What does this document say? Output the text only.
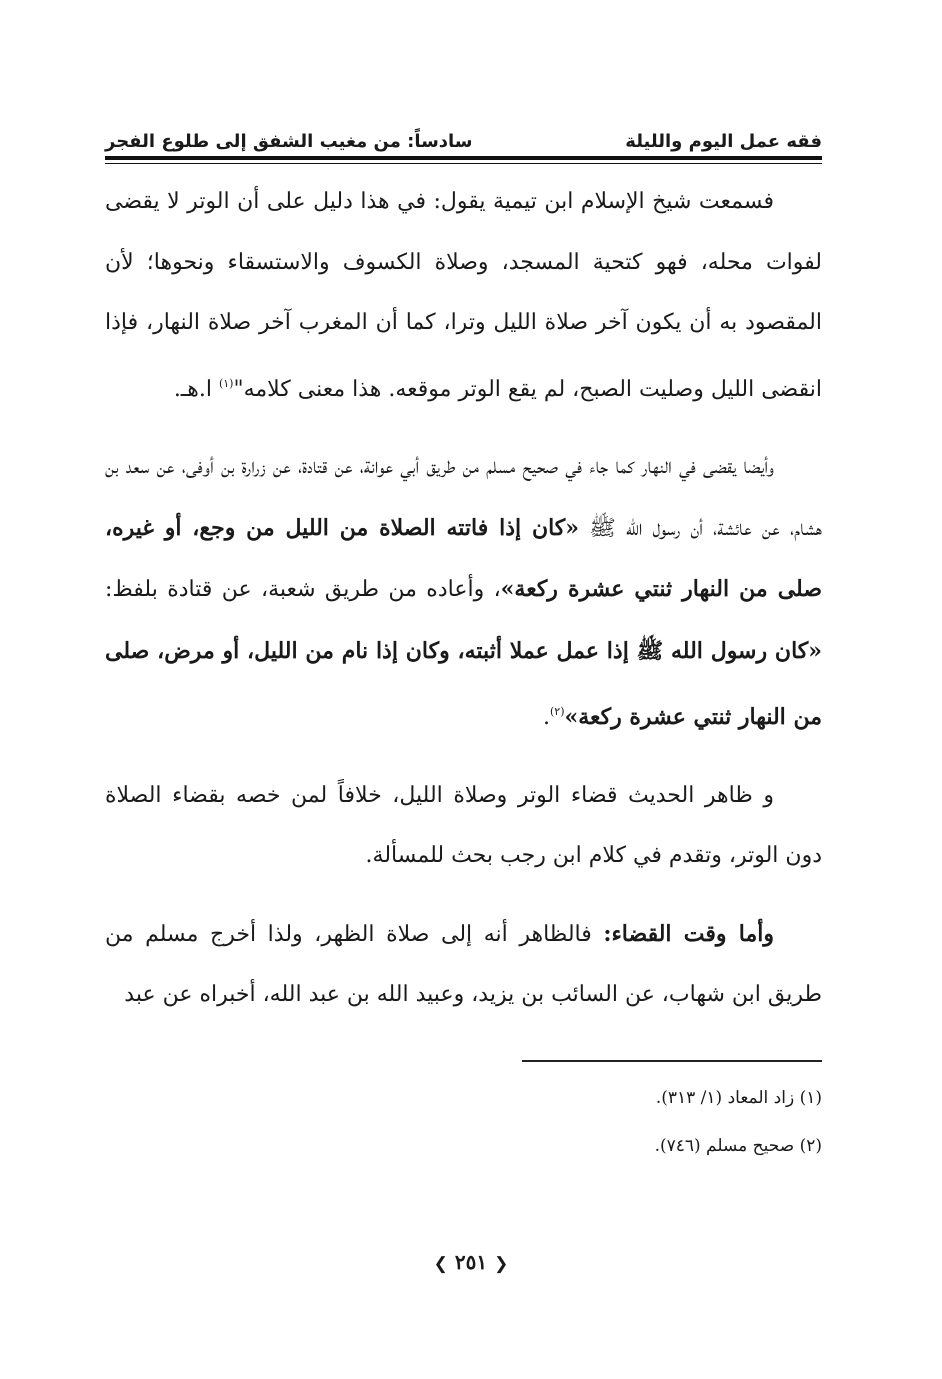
فقه عمل اليوم والليلة
سادساً: من مغيب الشفق إلى طلوع الفجر

فسمعت شيخ الإسلام ابن تيمية يقول: في هذا دليل على أن الوتر لا يقضى لفوات محله، فهو كتحية المسجد، وصلاة الكسوف والاستسقاء ونحوها؛ لأن المقصود به أن يكون آخر صلاة الليل وترا، كما أن المغرب آخر صلاة النهار، فإذا انقضى الليل وصليت الصبح، لم يقع الوتر موقعه. هذا معنى كلامه"$^{(١)}$ ا.هـ.

وأيضا يقضى في النهار كما جاء في صحيح مسلم من طريق أبي عوانة، عن قتادة، عن زرارة بن أوفى، عن سعد بن هشام، عن عائشة، أن رسول الله ﷺ «كان إذا فاتته الصلاة من الليل من وجع، أو غيره، صلى من النهار ثنتي عشرة ركعة»، وأعاده من طريق شعبة، عن قتادة بلفظ: «كان رسول الله ﷺ إذا عمل عملا أثبته، وكان إذا نام من الليل، أو مرض، صلى من النهار ثنتي عشرة ركعة»$^{(٢)}$.

و ظاهر الحديث قضاء الوتر وصلاة الليل، خلافاً لمن خصه بقضاء الصلاة دون الوتر، وتقدم في كلام ابن رجب بحث للمسألة.

وأما وقت القضاء: فالظاهر أنه إلى صلاة الظهر، ولذا أخرج مسلم من طريق ابن شهاب، عن السائب بن يزيد، وعبيد الله بن عبد الله، أخبراه عن عبد

(١) زاد المعاد (١/ ٣١٣).

(٢) صحيح مسلم (٧٤٦).

❮ ٢٥١ ❯
